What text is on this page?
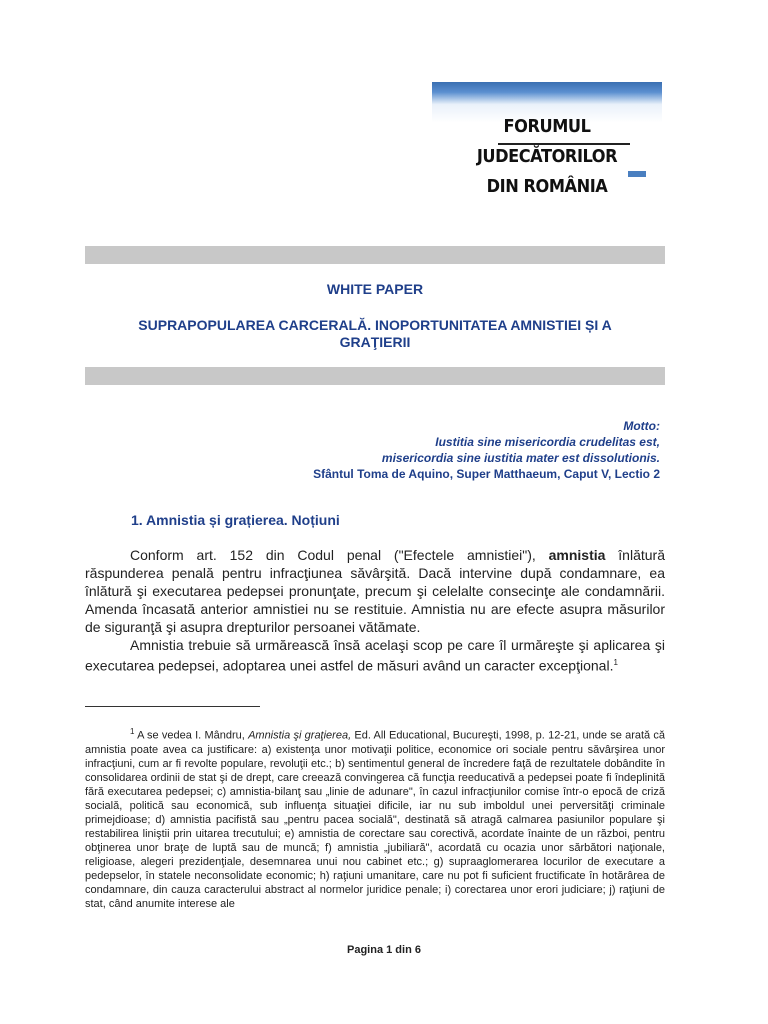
FORUMUL JUDECĂTORILOR
DIN ROMÂNIA
WHITE PAPER
SUPRAPOPULAREA CARCERALĂ. INOPORTUNITATEA AMNISTIEI ȘI A
GRAŢIERII
Motto:
Iustitia sine misericordia crudelitas est,
misericordia sine iustitia mater est dissolutionis.
Sfântul Toma de Aquino, Super Matthaeum, Caput V, Lectio 2
1. Amnistia și grațierea. Noțiuni

Conform art. 152 din Codul penal ("Efectele amnistiei"), amnistia înlătură răspunderea penală pentru infracţiunea săvârşită. Dacă intervine după condamnare, ea înlătură şi executarea pedepsei pronunţate, precum şi celelalte consecinţe ale condamnării. Amenda încasată anterior amnistiei nu se restituie. Amnistia nu are efecte asupra măsurilor de siguranţă şi asupra drepturilor persoanei vătămate.

Amnistia trebuie să urmărească însă acelaşi scop pe care îl urmăreşte şi aplicarea şi executarea pedepsei, adoptarea unei astfel de măsuri având un caracter excepţional.$^1$

$^1$ A se vedea I. Mândru, Amnistia şi graţierea, Ed. All Educational, Bucureşti, 1998, p. 12-21, unde se arată că amnistia poate avea ca justificare: a) existenţa unor motivaţii politice, economice ori sociale pentru săvârşirea unor infracţiuni, cum ar fi revolte populare, revoluţii etc.; b) sentimentul general de încredere faţă de rezultatele dobândite în consolidarea ordinii de stat şi de drept, care creează convingerea că funcţia reeducativă a pedepsei poate fi îndeplinită fără executarea pedepsei; c) amnistia-bilanţ sau „linie de adunare", în cazul infracţiunilor comise într-o epocă de criză socială, politică sau economică, sub influenţa situaţiei dificile, iar nu sub imboldul unei perversităţi criminale primejdioase; d) amnistia pacifistă sau „pentru pacea socială", destinată să atragă calmarea pasiunilor populare şi restabilirea liniştii prin uitarea trecutului; e) amnistia de corectare sau corectivă, acordate înainte de un război, pentru obţinerea unor braţe de luptă sau de muncă; f) amnistia „jubiliară", acordată cu ocazia unor sărbători naţionale, religioase, alegeri prezidenţiale, desemnarea unui nou cabinet etc.; g) supraaglomerarea locurilor de executare a pedepselor, în statele neconsolidate economic; h) raţiuni umanitare, care nu pot fi suficient fructificate în hotărârea de condamnare, din cauza caracterului abstract al normelor juridice penale; i) corectarea unor erori judiciare; j) raţiuni de stat, când anumite interese ale

Pagina 1 din 6
